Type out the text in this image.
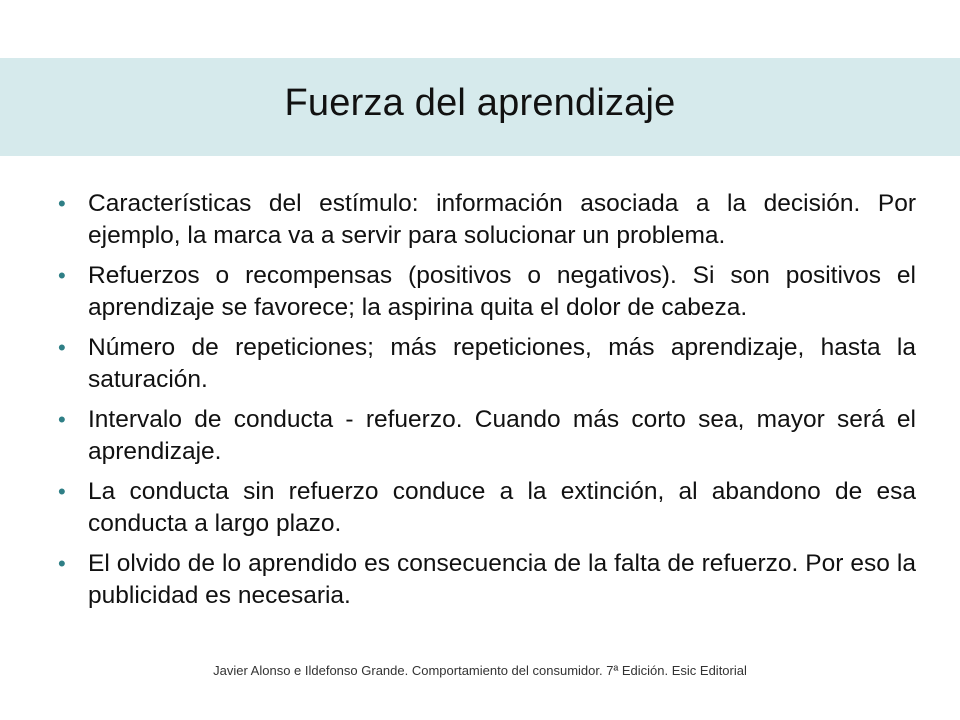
Fuerza del aprendizaje
• Características del estímulo: información asociada a la decisión. Por ejemplo, la marca va a servir para solucionar un problema.
• Refuerzos o recompensas (positivos o negativos). Si son positivos el aprendizaje se favorece; la aspirina quita el dolor de cabeza.
• Número de repeticiones; más repeticiones, más aprendizaje, hasta la saturación.
• Intervalo de conducta - refuerzo. Cuando más corto sea, mayor será el aprendizaje.
• La conducta sin refuerzo conduce a la extinción, al abandono de esa conducta a largo plazo.
• El olvido de lo aprendido es consecuencia de la falta de refuerzo. Por eso la publicidad es necesaria.
Javier Alonso e Ildefonso Grande. Comportamiento del consumidor. 7ª Edición. Esic Editorial
